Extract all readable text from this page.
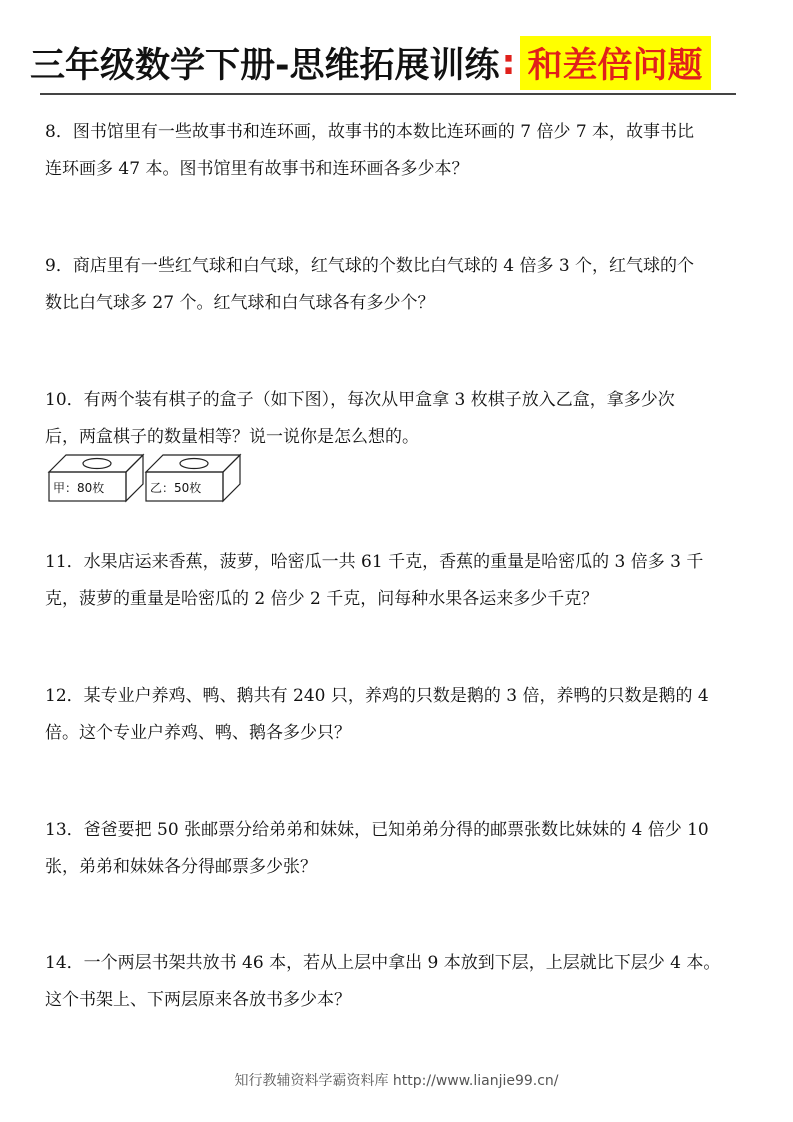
三年级数学下册-思维拓展训练 : 和差倍问题
8．图书馆里有一些故事书和连环画，故事书的本数比连环画的 7 倍少 7 本，故事书比
连环画多 47 本。图书馆里有故事书和连环画各多少本？
9．商店里有一些红气球和白气球，红气球的个数比白气球的 4 倍多 3 个，红气球的个
数比白气球多 27 个。红气球和白气球各有多少个？
10．有两个装有棋子的盒子（如下图），每次从甲盒拿 3 枚棋子放入乙盒，拿多少次
后，两盒棋子的数量相等？说一说你是怎么想的。
甲：80枚	乙：50枚
11．水果店运来香蕉，菠萝，哈密瓜一共 61 千克，香蕉的重量是哈密瓜的 3 倍多 3 千
克，菠萝的重量是哈密瓜的 2 倍少 2 千克，问每种水果各运来多少千克？
12．某专业户养鸡、鸭、鹅共有 240 只，养鸡的只数是鹅的 3 倍，养鸭的只数是鹅的 4
倍。这个专业户养鸡、鸭、鹅各多少只？
13．爸爸要把 50 张邮票分给弟弟和妹妹，已知弟弟分得的邮票张数比妹妹的 4 倍少 10
张，弟弟和妹妹各分得邮票多少张？
14．一个两层书架共放书 46 本，若从上层中拿出 9 本放到下层，上层就比下层少 4 本。
这个书架上、下两层原来各放书多少本？
知行教辅资料学霸资料库 http://www.lianjie99.cn/
